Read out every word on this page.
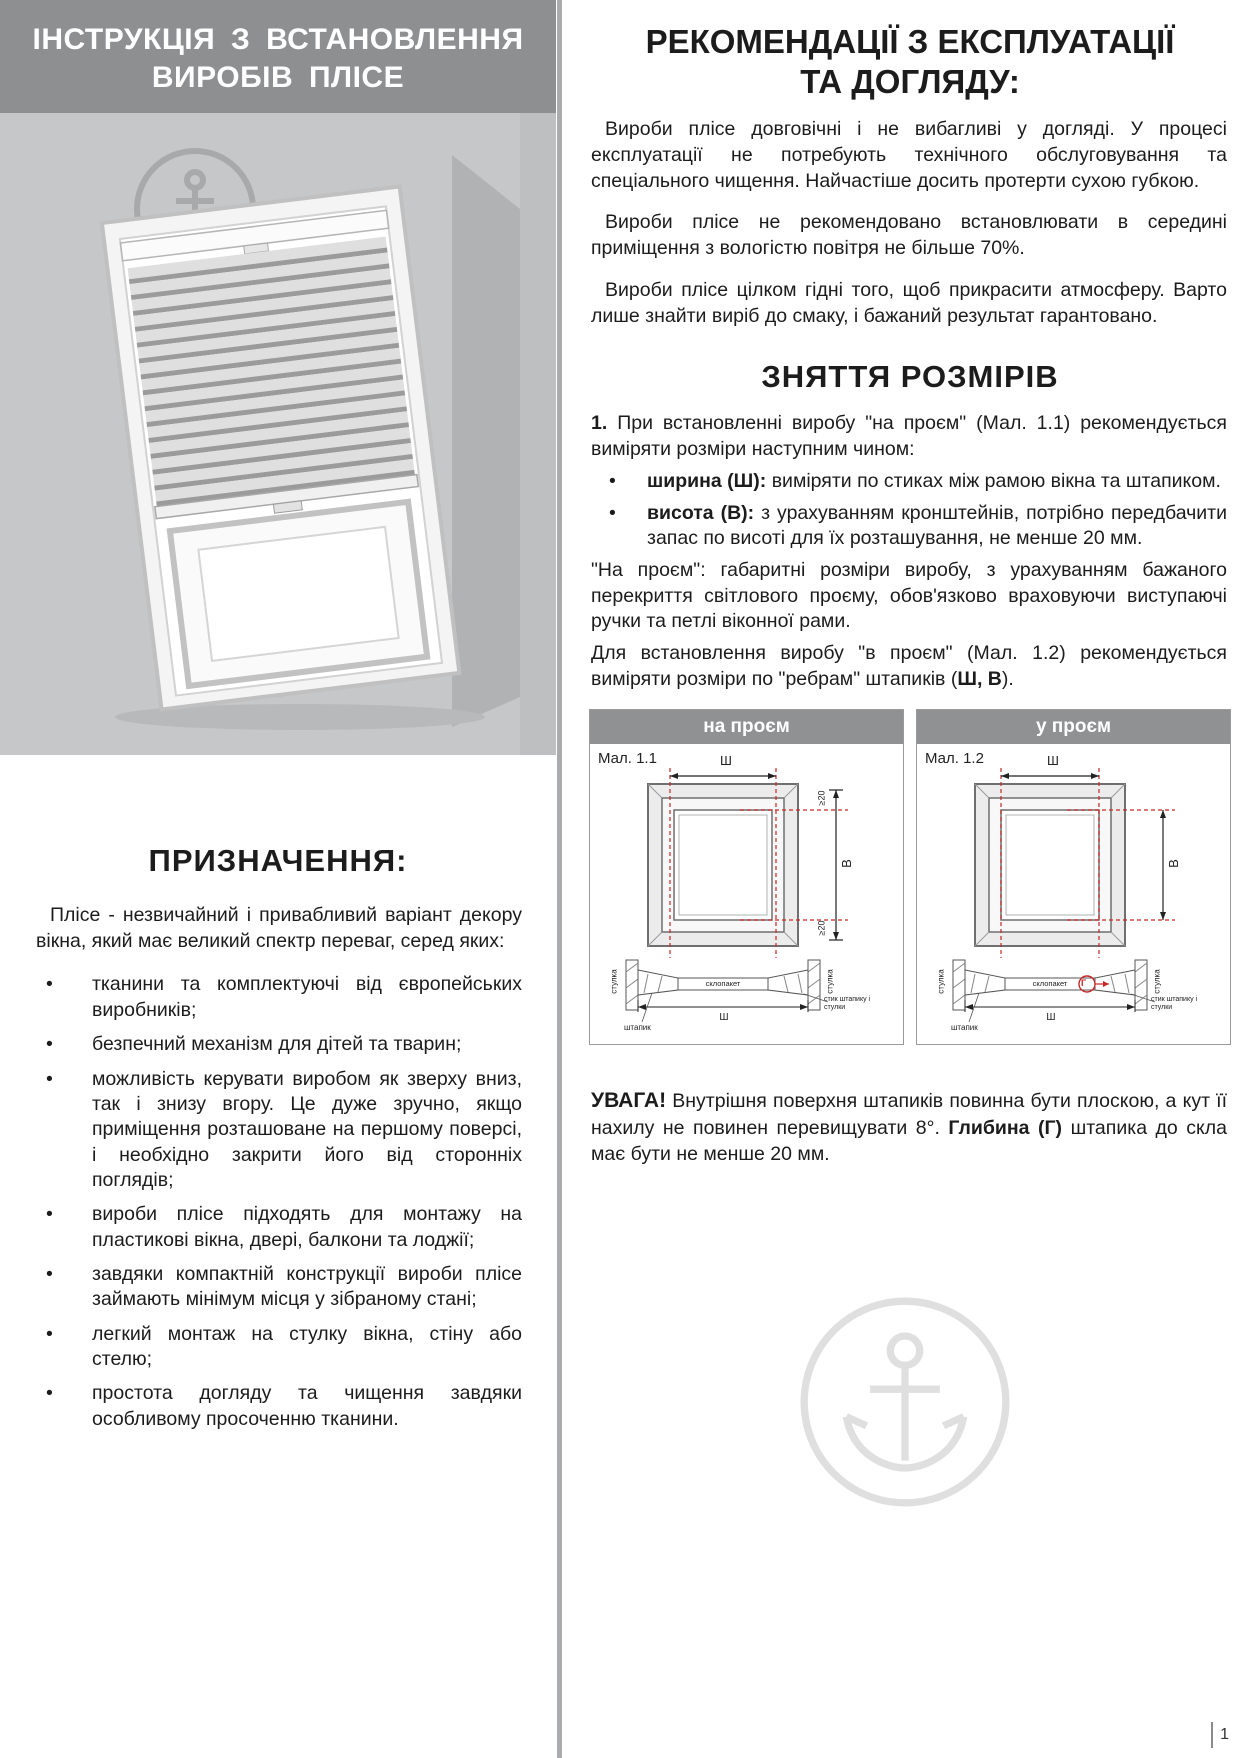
ІНСТРУКЦІЯ З ВСТАНОВЛЕННЯ
ВИРОБІВ ПЛІСЕ
ПРИЗНАЧЕННЯ:

Плісе - незвичайний і привабливий варіант декору вікна, який має великий спектр переваг, серед яких:

• тканини та комплектуючі від європейських виробників;
• безпечний механізм для дітей та тварин;
• можливість керувати виробом як зверху вниз, так і знизу вгору. Це дуже зручно, якщо приміщення розташоване на першому поверсі, і необхідно закрити його від сторонніх поглядів;
• вироби плісе підходять для монтажу на пластикові вікна, двері, балкони та лоджії;
• завдяки компактній конструкції вироби плісе займають мінімум місця у зібраному стані;
• легкий монтаж на стулку вікна, стіну або стелю;
• простота догляду та чищення завдяки особливому просоченню тканини.
РЕКОМЕНДАЦІЇ З ЕКСПЛУАТАЦІЇ
ТА ДОГЛЯДУ:

Вироби плісе довговічні і не вибагливі у догляді. У процесі експлуатації не потребують технічного обслуговування та спеціального чищення. Найчастіше досить протерти сухою губкою.

Вироби плісе не рекомендовано встановлювати в середині приміщення з вологістю повітря не більше 70%.

Вироби плісе цілком гідні того, щоб прикрасити атмосферу. Варто лише знайти виріб до смаку, і бажаний результат гарантовано.

ЗНЯТТЯ РОЗМІРІВ

1. При встановленні виробу "на проєм" (Мал. 1.1) рекомендується виміряти розміри наступним чином:

• ширина (Ш): виміряти по стиках між рамою вікна та штапиком.
• висота (В): з урахуванням кронштейнів, потрібно передбачити запас по висоті для їх розташування, не менше 20 мм.

"На проєм": габаритні розміри виробу, з урахуванням бажаного перекриття світлового проєму, обов'язково враховуючи виступаючі ручки та петлі віконної рами.

Для встановлення виробу "в проєм" (Мал. 1.2) рекомендується виміряти розміри по "ребрам" штапиків (Ш, В).

на проєм
Мал. 1.1	Ш
В
≥20
≥20
склопакет
стулка	стулка
штапик
Ш
стик штапику і стулки
у проєм
Мал. 1.2	Ш
В
склопакет
стулка	стулка
штапик
Ш
стик штапику і стулки
Г

УВАГА! Внутрішня поверхня штапиків повинна бути плоскою, а кут її нахилу не повинен перевищувати 8°. Глибина (Г) штапика до скла має бути не менше 20 мм.

1
